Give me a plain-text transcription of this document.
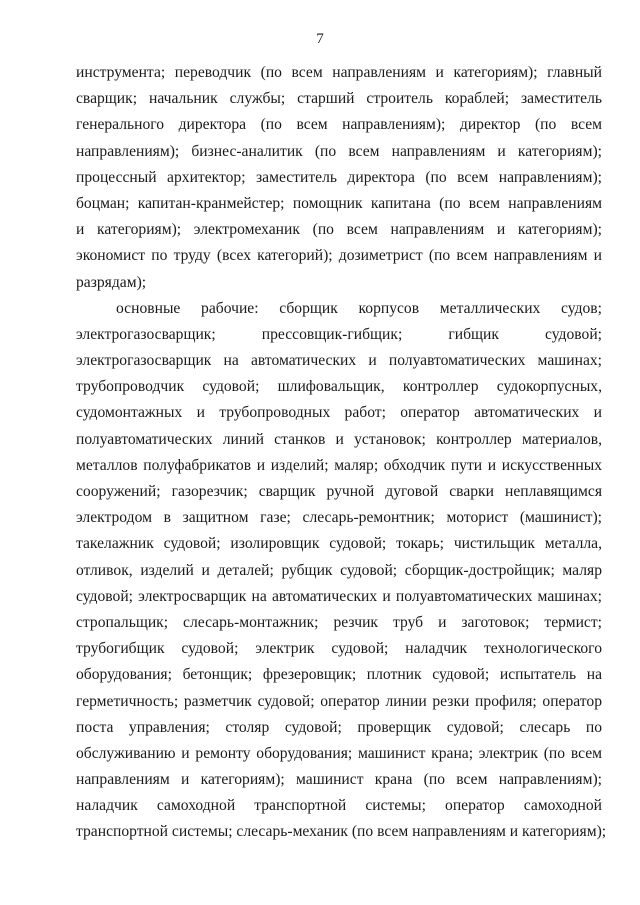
7
инструмента; переводчик (по всем направлениям и категориям); главный
сварщик; начальник службы; старший строитель кораблей; заместитель
генерального директора (по всем направлениям); директор (по всем
направлениям); бизнес-аналитик (по всем направлениям и категориям);
процессный архитектор; заместитель директора (по всем направлениям);
боцман; капитан-кранмейстер; помощник капитана (по всем направлениям
и категориям); электромеханик (по всем направлениям и категориям);
экономист по труду (всех категорий); дозиметрист (по всем направлениям и
разрядам);
основные рабочие: сборщик корпусов металлических судов;
электрогазосварщик; прессовщик-гибщик; гибщик судовой;
электрогазосварщик на автоматических и полуавтоматических машинах;
трубопроводчик судовой; шлифовальщик, контроллер судокорпусных,
судомонтажных и трубопроводных работ; оператор автоматических и
полуавтоматических линий станков и установок; контроллер материалов,
металлов полуфабрикатов и изделий; маляр; обходчик пути и искусственных
сооружений; газорезчик; сварщик ручной дуговой сварки неплавящимся
электродом в защитном газе; слесарь-ремонтник; моторист (машинист);
такелажник судовой; изолировщик судовой; токарь; чистильщик металла,
отливок, изделий и деталей; рубщик судовой; сборщик-достройщик; маляр
судовой; электросварщик на автоматических и полуавтоматических машинах;
стропальщик; слесарь-монтажник; резчик труб и заготовок; термист;
трубогибщик судовой; электрик судовой; наладчик технологического
оборудования; бетонщик; фрезеровщик; плотник судовой; испытатель на
герметичность; разметчик судовой; оператор линии резки профиля; оператор
поста управления; столяр судовой; проверщик судовой; слесарь по
обслуживанию и ремонту оборудования; машинист крана; электрик (по всем
направлениям и категориям); машинист крана (по всем направлениям);
наладчик самоходной транспортной системы; оператор самоходной
транспортной системы; слесарь-механик (по всем направлениям и категориям);
